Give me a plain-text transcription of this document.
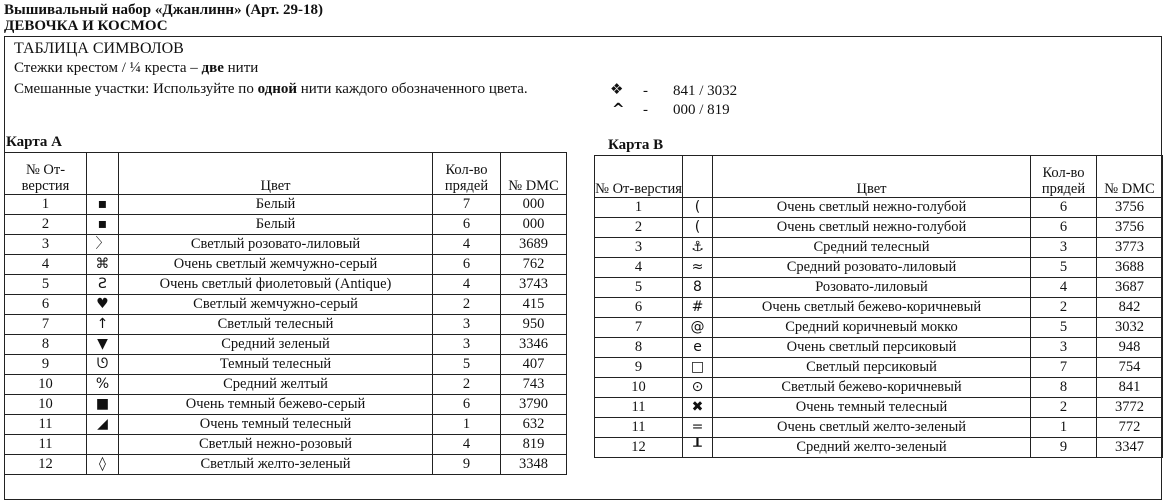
Вышивальный набор «Джанлинн» (Арт. 29-18)
ДЕВОЧКА И КОСМОС
ТАБЛИЦА СИМВОЛОВ
Стежки крестом / ¼ креста – две нити
Смешанные участки: Используйте по одной нити каждого обозначенного цвета.	❖ - 841 / 3032
^ - 000 / 819
Карта А
№ От-верстия		Цвет	Кол-во прядей	№ DMC
1	▪	Белый	7	000
2	▪	Белый	6	000
3	〉	Светлый розовато-лиловый	4	3689
4	⌘	Очень светлый жемчужно-серый	6	762
5	Ƨ	Очень светлый фиолетовый (Antique)	4	3743
6	♥	Светлый жемчужно-серый	2	415
7	↑	Светлый телесный	3	950
8	▼	Средний зеленый	3	3346
9	ᘎ	Темный телесный	5	407
10	%	Средний желтый	2	743
10	■	Очень темный бежево-серый	6	3790
11	◢	Очень темный телесный	1	632
11		Светлый нежно-розовый	4	819
12	◊	Светлый желто-зеленый	9	3348
Карта В
№ От-верстия		Цвет	Кол-во прядей	№ DMC
1	(	Очень светлый нежно-голубой	6	3756
2	(	Очень светлый нежно-голубой	6	3756
3	⚓	Средний телесный	3	3773
4	≈	Средний розовато-лиловый	5	3688
5	8	Розовато-лиловый	4	3687
6	#	Очень светлый бежево-коричневый	2	842
7	@	Средний коричневый мокко	5	3032
8	e	Очень светлый персиковый	3	948
9	□	Светлый персиковый	7	754
10	⊙	Светлый бежево-коричневый	8	841
11	✖	Очень темный телесный	2	3772
11	=	Очень светлый желто-зеленый	1	772
12	┸	Средний желто-зеленый	9	3347
